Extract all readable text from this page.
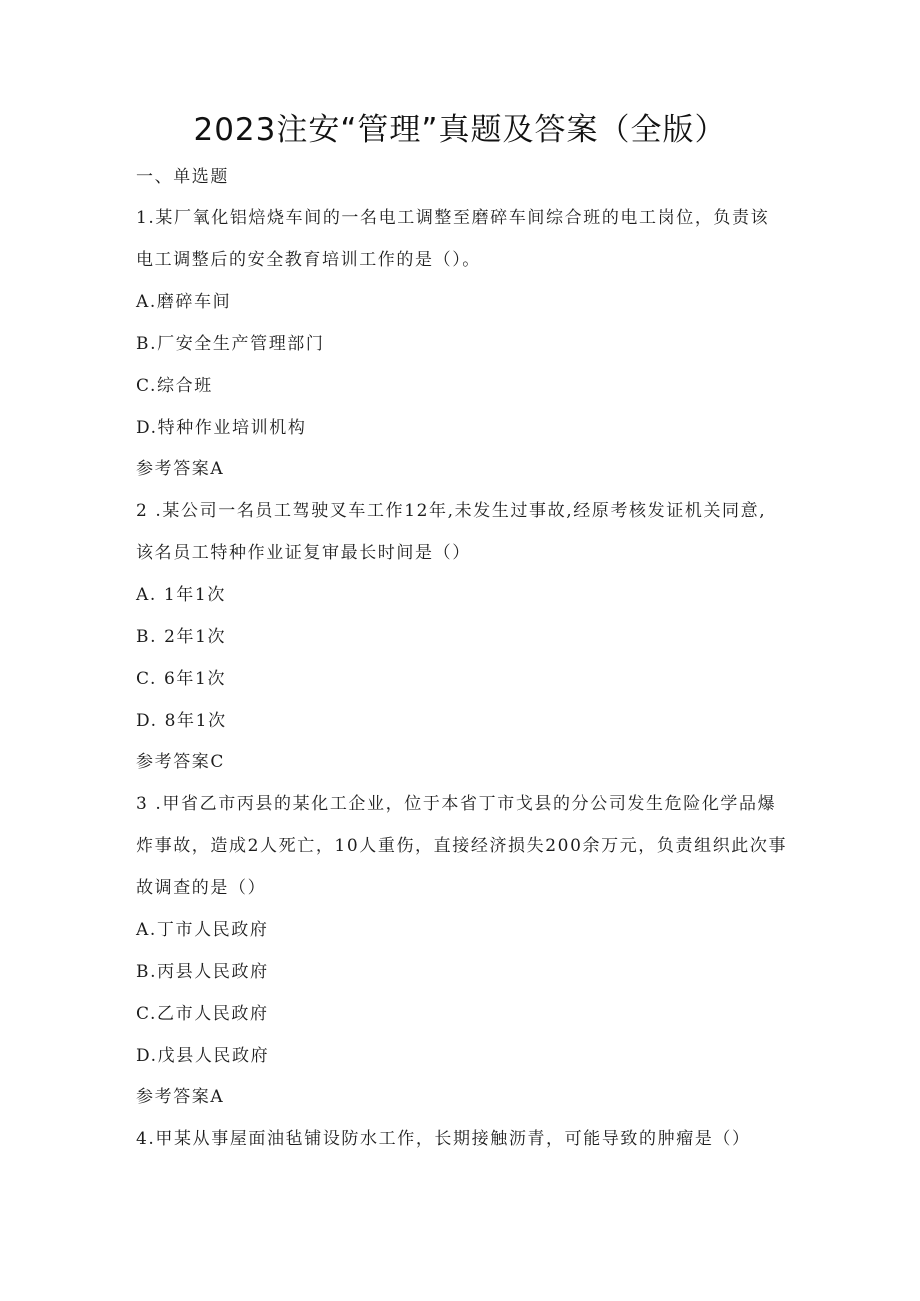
2023注安“管理”真题及答案（全版）
一、单选题
1.某厂氧化铝焙烧车间的一名电工调整至磨碎车间综合班的电工岗位，负责该
电工调整后的安全教育培训工作的是（）。
A.磨碎车间
B.厂安全生产管理部门
C.综合班
D.特种作业培训机构
参考答案A
2 .某公司一名员工驾驶叉车工作12年,未发生过事故,经原考核发证机关同意,
该名员工特种作业证复审最长时间是（）
A. 1年1次
B. 2年1次
C. 6年1次
D. 8年1次
参考答案C
3 .甲省乙市丙县的某化工企业，位于本省丁市戈县的分公司发生危险化学品爆
炸事故，造成2人死亡，10人重伤，直接经济损失200余万元，负责组织此次事
故调查的是（）
A.丁市人民政府
B.丙县人民政府
C.乙市人民政府
D.戊县人民政府
参考答案A
4.甲某从事屋面油毡铺设防水工作，长期接触沥青，可能导致的肿瘤是（）
